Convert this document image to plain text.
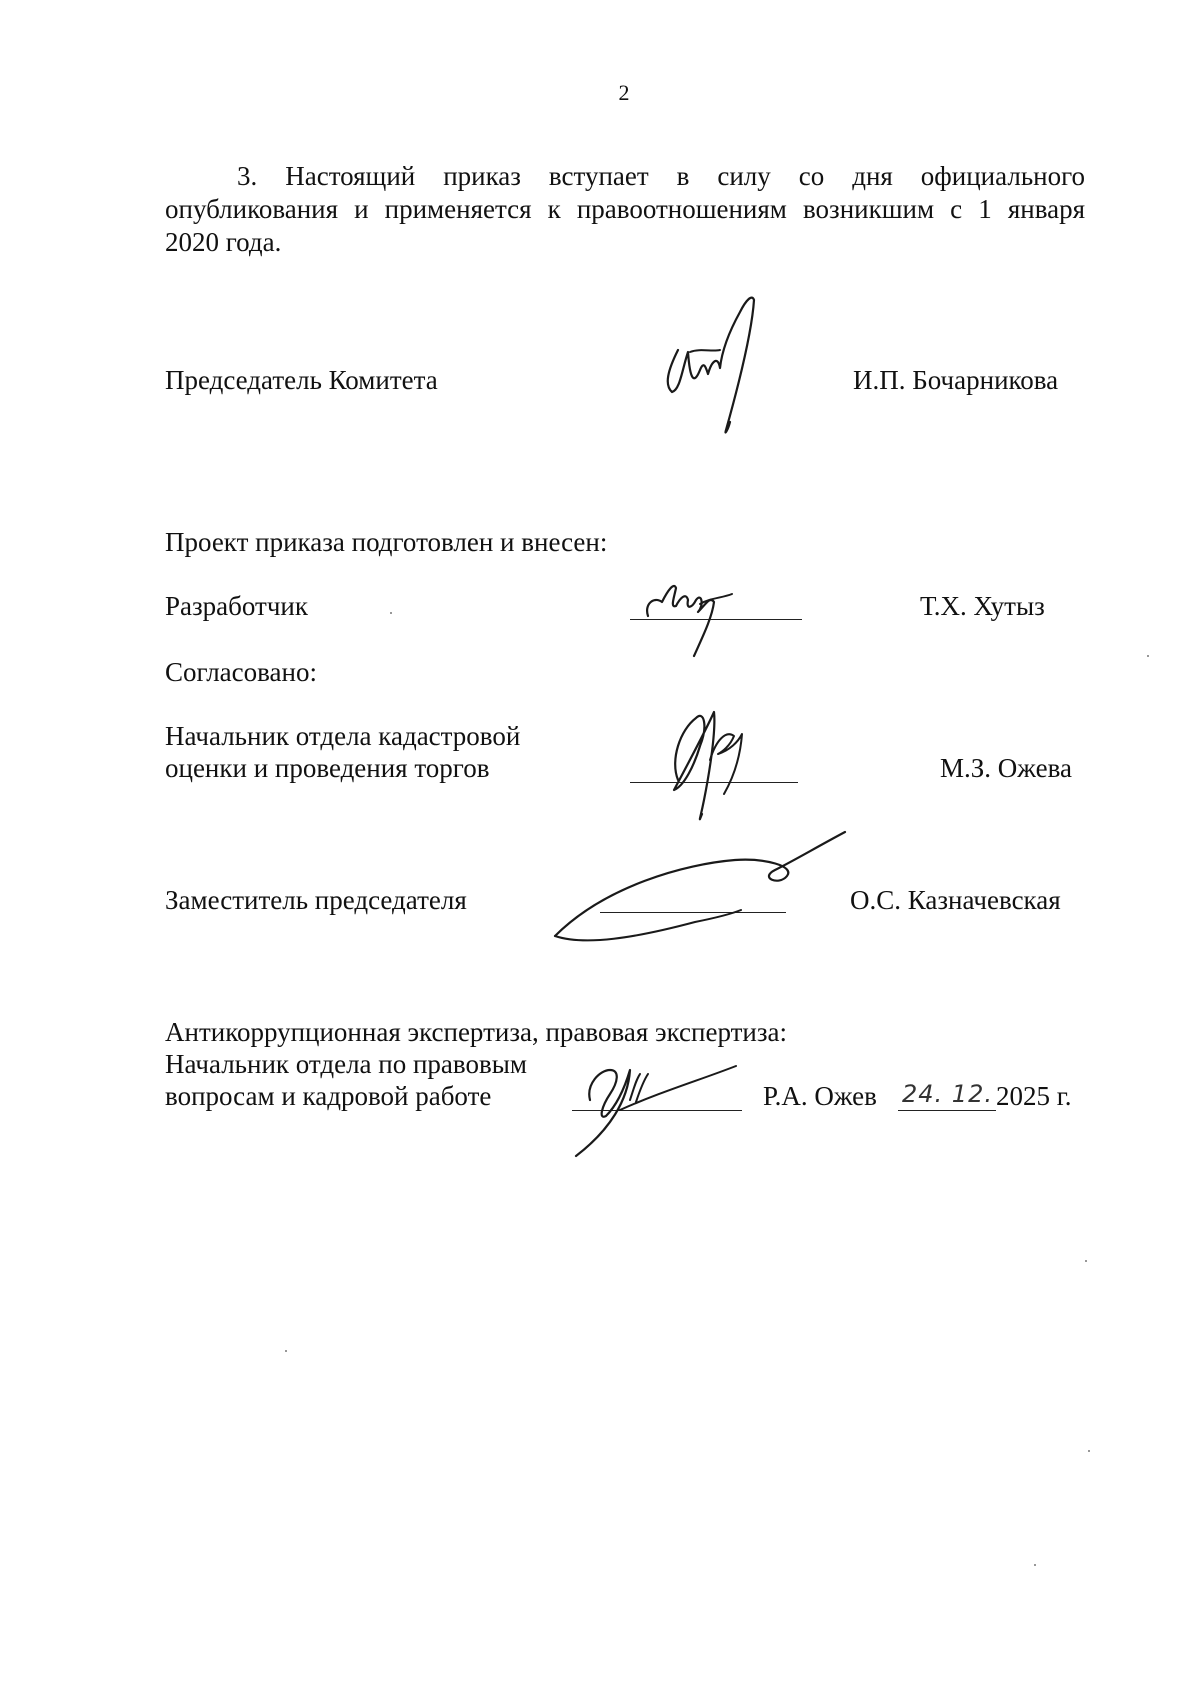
2
3. Настоящий приказ вступает в силу со дня официального
опубликования и применяется к правоотношениям возникшим с 1 января
2020 года.
Председатель Комитета	И.П. Бочарникова
Проект приказа подготовлен и внесен:
Разработчик	Т.Х. Хутыз
Согласовано:
Начальник отдела кадастровой
оценки и проведения торгов	М.З. Ожева
Заместитель председателя	О.С. Казначевская
Антикоррупционная экспертиза, правовая экспертиза:
Начальник отдела по правовым
вопросам и кадровой работе	Р.А. Ожев 24. 12. 2025 г.
